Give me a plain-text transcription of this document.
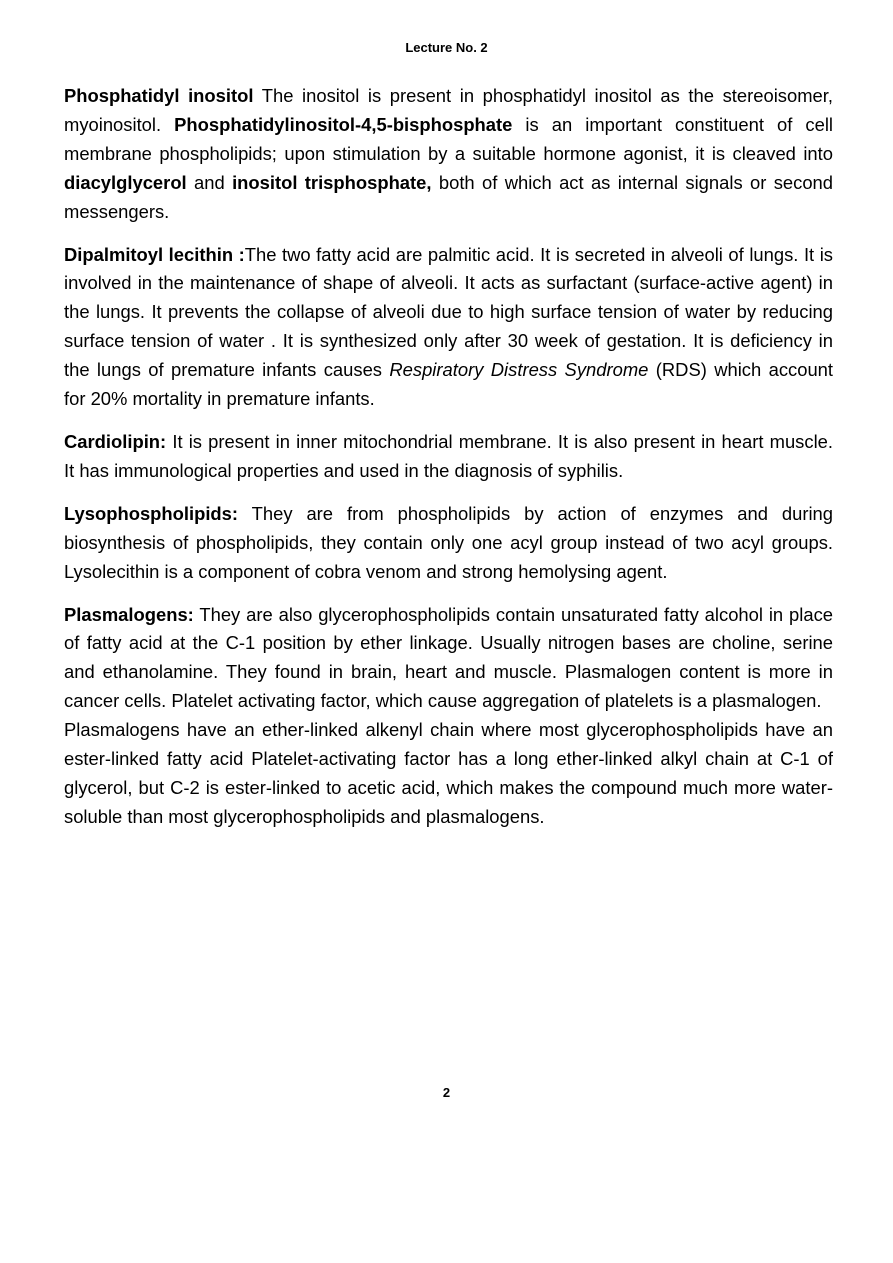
Lecture No. 2

Phosphatidyl inositol The inositol is present in phosphatidyl inositol as the stereoisomer, myoinositol. Phosphatidylinositol-4,5-bisphosphate is an important constituent of cell membrane phospholipids; upon stimulation by a suitable hormone agonist, it is cleaved into diacylglycerol and inositol trisphosphate, both of which act as internal signals or second messengers.

Dipalmitoyl lecithin :The two fatty acid are palmitic acid. It is secreted in alveoli of lungs. It is involved in the maintenance of shape of alveoli. It acts as surfactant (surface-active agent) in the lungs. It prevents the collapse of alveoli due to high surface tension of water by reducing surface tension of water . It is synthesized only after 30 week of gestation. It is deficiency in the lungs of premature infants causes Respiratory Distress Syndrome (RDS) which account for 20% mortality in premature infants.

Cardiolipin: It is present in inner mitochondrial membrane. It is also present in heart muscle. It has immunological properties and used in the diagnosis of syphilis.

Lysophospholipids: They are from phospholipids by action of enzymes and during biosynthesis of phospholipids, they contain only one acyl group instead of two acyl groups. Lysolecithin is a component of cobra venom and strong hemolysing agent.

Plasmalogens: They are also glycerophospholipids contain unsaturated fatty alcohol in place of fatty acid at the C-1 position by ether linkage. Usually nitrogen bases are choline, serine and ethanolamine. They found in brain, heart and muscle. Plasmalogen content is more in cancer cells. Platelet activating factor, which cause aggregation of platelets is a plasmalogen.

Plasmalogens have an ether-linked alkenyl chain where most glycerophospholipids have an ester-linked fatty acid Platelet-activating factor has a long ether-linked alkyl chain at C-1 of glycerol, but C-2 is ester-linked to acetic acid, which makes the compound much more water-soluble than most glycerophospholipids and plasmalogens.

2
